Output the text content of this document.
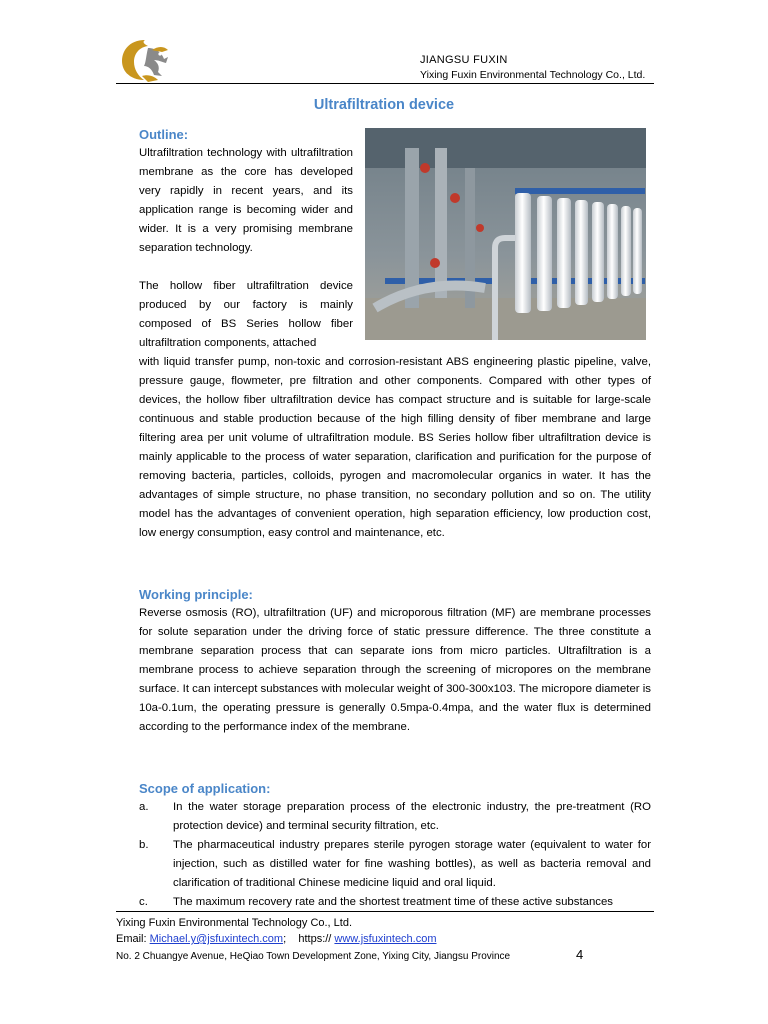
JIANGSU FUXIN
Yixing Fuxin Environmental Technology Co., Ltd.
Ultrafiltration device
Outline:
Ultrafiltration technology with ultrafiltration membrane as the core has developed very rapidly in recent years, and its application range is becoming wider and wider. It is a very promising membrane separation technology.
The hollow fiber ultrafiltration device produced by our factory is mainly composed of BS Series hollow fiber ultrafiltration components, attached
with liquid transfer pump, non-toxic and corrosion-resistant ABS engineering plastic pipeline, valve, pressure gauge, flowmeter, pre filtration and other components. Compared with other types of devices, the hollow fiber ultrafiltration device has compact structure and is suitable for large-scale continuous and stable production because of the high filling density of fiber membrane and large filtering area per unit volume of ultrafiltration module. BS Series hollow fiber ultrafiltration device is mainly applicable to the process of water separation, clarification and purification for the purpose of removing bacteria, particles, colloids, pyrogen and macromolecular organics in water. It has the advantages of simple structure, no phase transition, no secondary pollution and so on. The utility model has the advantages of convenient operation, high separation efficiency, low production cost, low energy consumption, easy control and maintenance, etc.
Working principle:
Reverse osmosis (RO), ultrafiltration (UF) and microporous filtration (MF) are membrane processes for solute separation under the driving force of static pressure difference. The three constitute a membrane separation process that can separate ions from micro particles. Ultrafiltration is a membrane process to achieve separation through the screening of micropores on the membrane surface. It can intercept substances with molecular weight of 300-300x103. The micropore diameter is 10a-0.1um, the operating pressure is generally 0.5mpa-0.4mpa, and the water flux is determined according to the performance index of the membrane.
Scope of application:
a.	In the water storage preparation process of the electronic industry, the pre-treatment (RO protection device) and terminal security filtration, etc.
b.	The pharmaceutical industry prepares sterile pyrogen storage water (equivalent to water for injection, such as distilled water for fine washing bottles), as well as bacteria removal and clarification of traditional Chinese medicine liquid and oral liquid.
c.	The maximum recovery rate and the shortest treatment time of these active substances
Yixing Fuxin Environmental Technology Co., Ltd.
Email: Michael.y@jsfuxintech.com;    https:// www.jsfuxintech.com
No. 2 Chuangye Avenue, HeQiao Town Development Zone, Yixing City, Jiangsu Province	4
